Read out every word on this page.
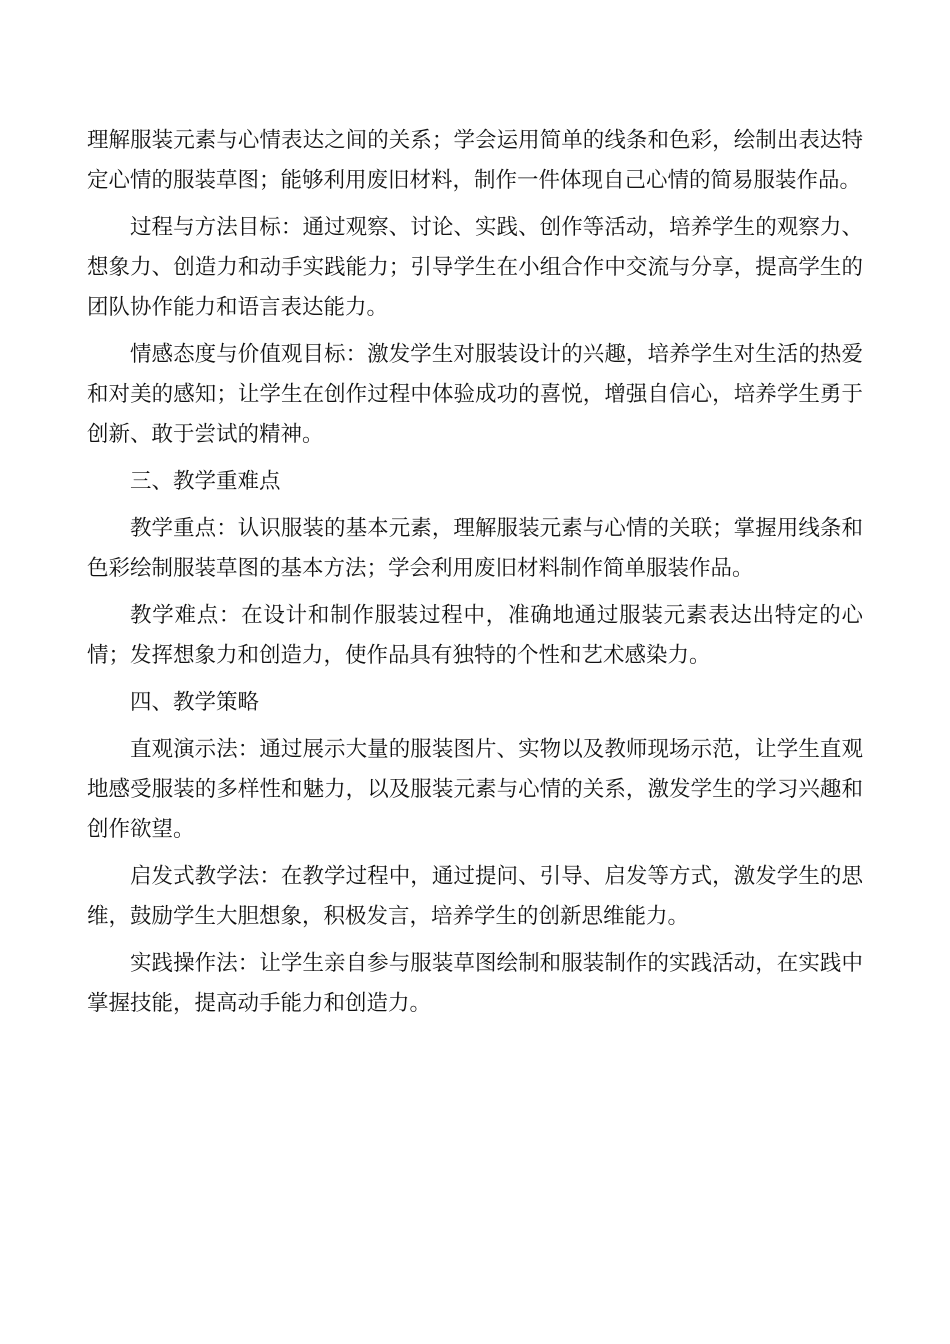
理解服装元素与心情表达之间的关系；学会运用简单的线条和色彩，绘制出表达特定心情的服装草图；能够利用废旧材料，制作一件体现自己心情的简易服装作品。

过程与方法目标：通过观察、讨论、实践、创作等活动，培养学生的观察力、想象力、创造力和动手实践能力；引导学生在小组合作中交流与分享，提高学生的团队协作能力和语言表达能力。

情感态度与价值观目标：激发学生对服装设计的兴趣，培养学生对生活的热爱和对美的感知；让学生在创作过程中体验成功的喜悦，增强自信心，培养学生勇于创新、敢于尝试的精神。

三、教学重难点

教学重点：认识服装的基本元素，理解服装元素与心情的关联；掌握用线条和色彩绘制服装草图的基本方法；学会利用废旧材料制作简单服装作品。

教学难点：在设计和制作服装过程中，准确地通过服装元素表达出特定的心情；发挥想象力和创造力，使作品具有独特的个性和艺术感染力。

四、教学策略

直观演示法：通过展示大量的服装图片、实物以及教师现场示范，让学生直观地感受服装的多样性和魅力，以及服装元素与心情的关系，激发学生的学习兴趣和创作欲望。

启发式教学法：在教学过程中，通过提问、引导、启发等方式，激发学生的思维，鼓励学生大胆想象，积极发言，培养学生的创新思维能力。

实践操作法：让学生亲自参与服装草图绘制和服装制作的实践活动，在实践中掌握技能，提高动手能力和创造力。
